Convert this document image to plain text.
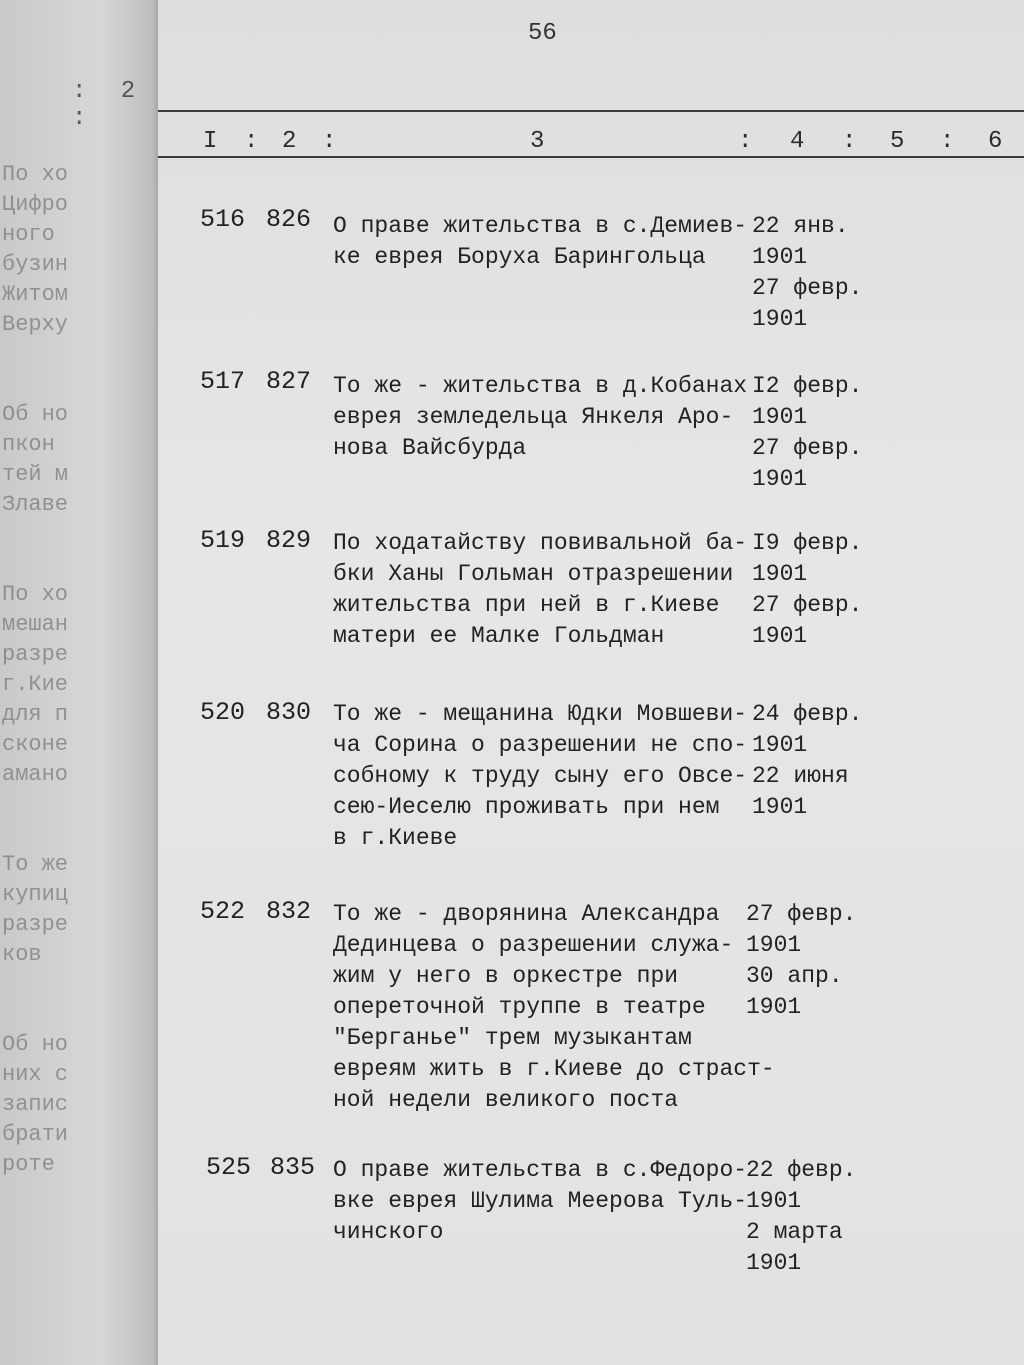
: 2 :
По хо
Цифро
ного
бузин
Житом
Верху

Об но
пкон
тей м
Злаве

По хо
мешан
разре
г.Кие
для п
сконе
амано

То же
купиц
разре
ков

Об но
них с
запис
брати
роте
56
I : 2 :	3	: 4 : 5 : 6
516 826 О праве жительства в с.Демиев-
ке еврея Боруха Барингольца
22 янв.
1901
27 февр.
1901
517 827 То же - жительства в д.Кобанах
еврея земледельца Янкеля Аро-
нова Вайсбурда
I2 февр.
1901
27 февр.
1901
519 829 По ходатайству повивальной ба-
бки Ханы Гольман отразрешении
жительства при ней в г.Киеве
матери ее Малке Гольдман
I9 февр.
1901
27 февр.
1901
520 830 То же - мещанина Юдки Мовшеви-
ча Сорина о разрешении не спо-
собному к труду сыну его Овсе-
сею-Иеселю проживать при нем
в г.Киеве
24 февр.
1901
22 июня
1901
522 832 То же - дворянина Александра
Дединцева о разрешении служа-
жим у него в оркестре при
опереточной труппе в театре
"Берганье" трем музыкантам
евреям жить в г.Киеве до страст-
ной недели великого поста
27 февр.
1901
30 апр.
1901
525 835 О праве жительства в с.Федоро-
вке еврея Шулима Меерова Туль-
чинского
22 февр.
1901
2 марта
1901
